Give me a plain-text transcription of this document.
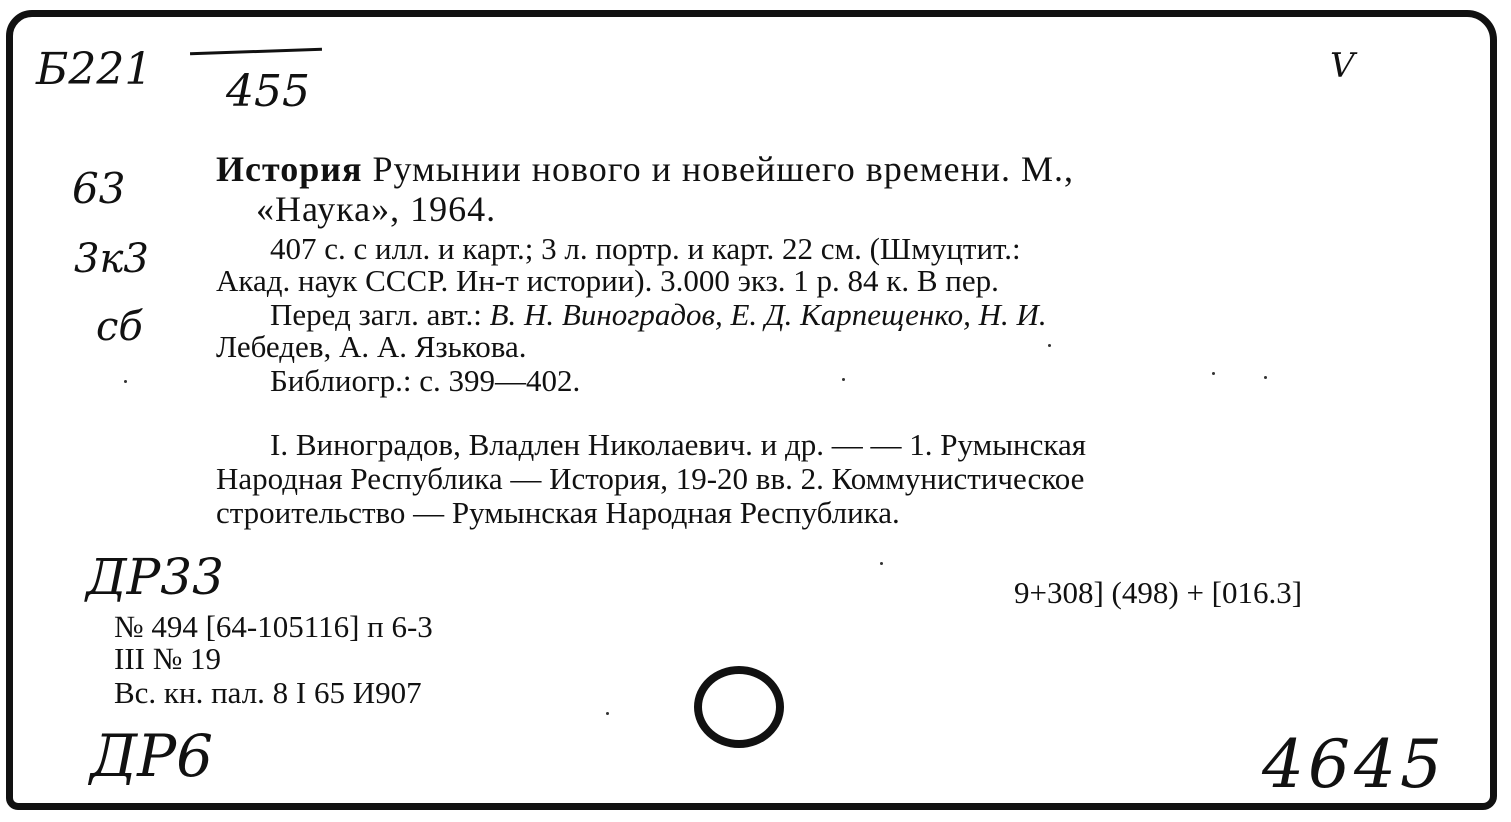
Б221 455	V
63
3к3
сб
ДР33
ДР6	4645
История Румынии нового и новейшего времени. М.,
«Наука», 1964.
407 с. с илл. и карт.; 3 л. портр. и карт. 22 см. (Шмуцтит.:
Акад. наук СССР. Ин-т истории). 3.000 экз. 1 р. 84 к. В пер.
Перед загл. авт.: В. Н. Виноградов, Е. Д. Карпещенко, Н. И.
Лебедев, А. А. Язькова.
Библиогр.: с. 399—402.
I. Виноградов, Владлен Николаевич. и др. — — 1. Румынская
Народная Республика — История, 19-20 вв. 2. Коммунистическое
строительство — Румынская Народная Республика.
9+308] (498) + [016.3]
№ 494 [64-105116] п 6-3
III № 19
Вс. кн. пал. 8 I 65 И907
